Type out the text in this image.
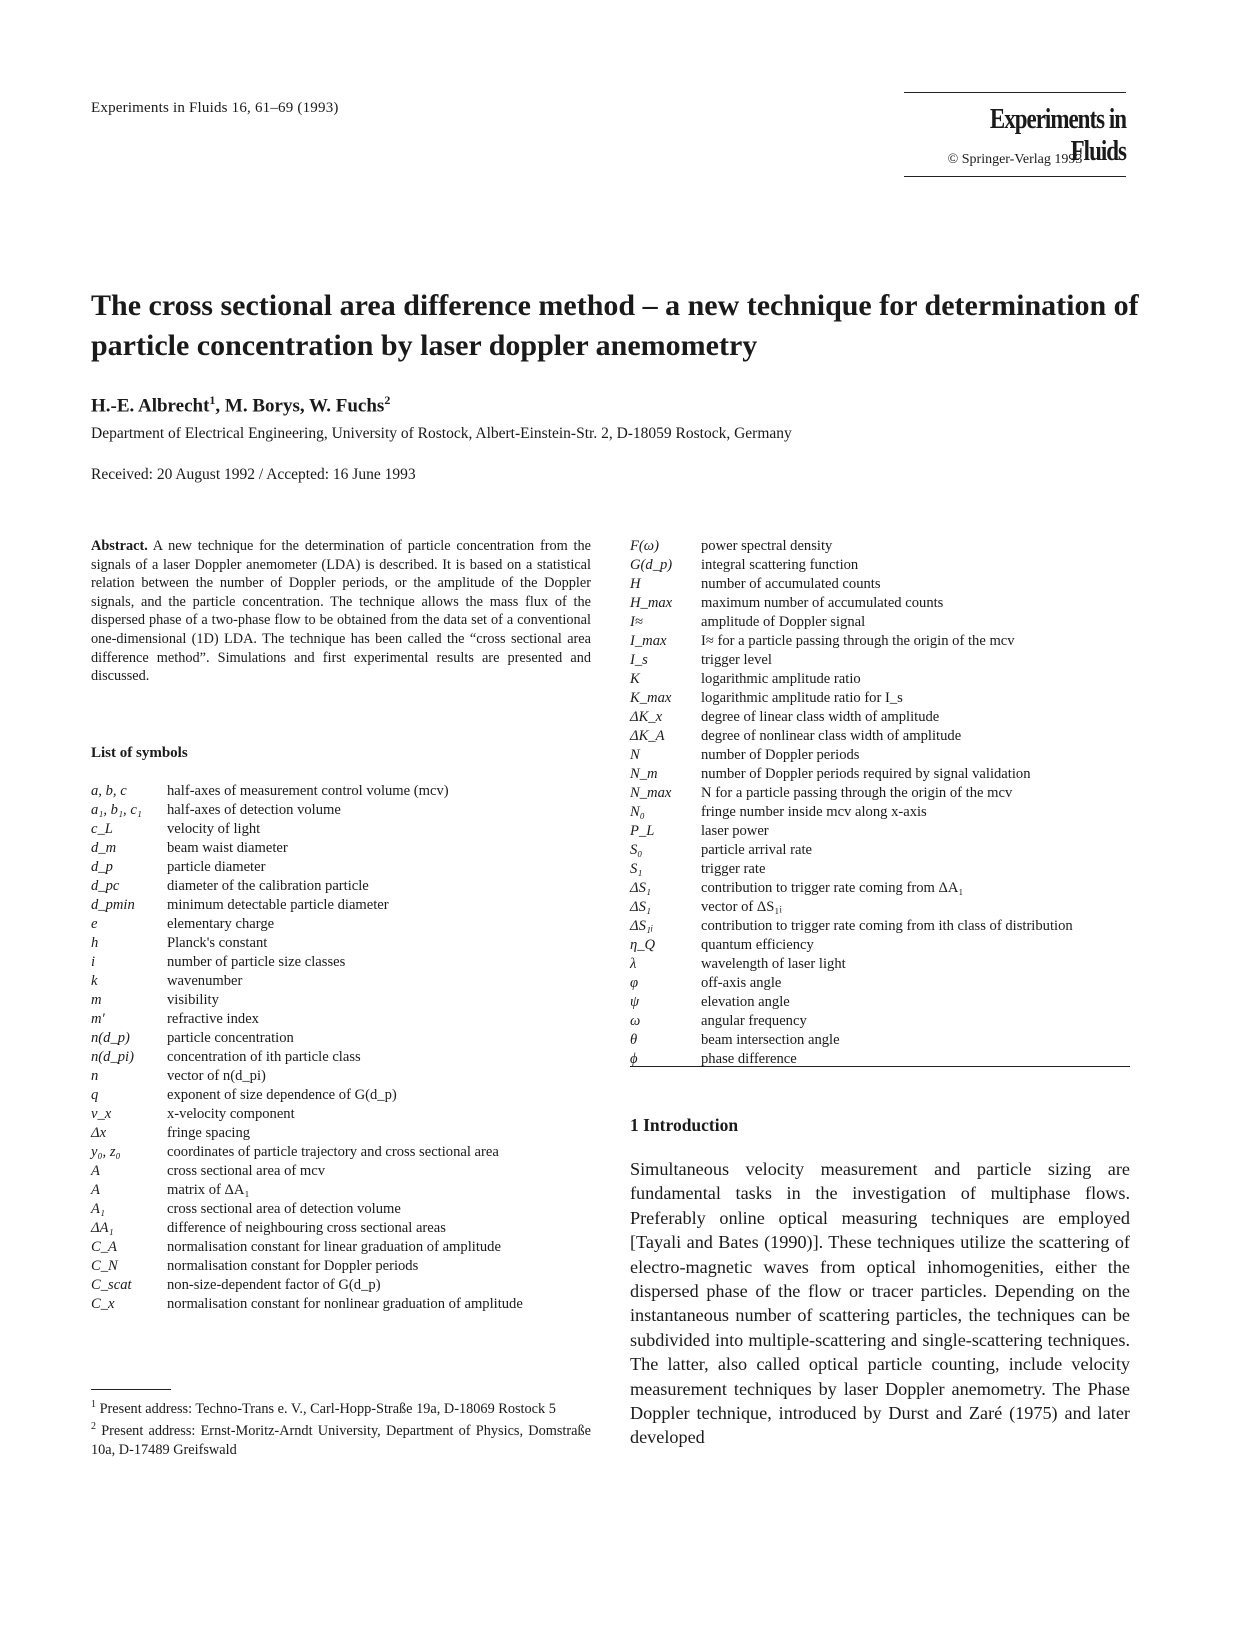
Experiments in Fluids 16, 61–69 (1993)	Experiments in Fluids
© Springer-Verlag 1993
The cross sectional area difference method – a new technique for determination of particle concentration by laser doppler anemometry
H.-E. Albrecht$^1$, M. Borys, W. Fuchs$^2$
Department of Electrical Engineering, University of Rostock, Albert-Einstein-Str. 2, D-18059 Rostock, Germany
Received: 20 August 1992 / Accepted: 16 June 1993

Abstract. A new technique for the determination of particle concentration from the signals of a laser Doppler anemometer (LDA) is described. It is based on a statistical relation between the number of Doppler periods, or the amplitude of the Doppler signals, and the particle concentration. The technique allows the mass flux of the dispersed phase of a two-phase flow to be obtained from the data set of a conventional one-dimensional (1D) LDA. The technique has been called the “cross sectional area difference method”. Simulations and first experimental results are presented and discussed.

List of symbols
a, b, c	half-axes of measurement control volume (mcv)
a₁, b₁, c₁ half-axes of detection volume
c_L	velocity of light
d_m	beam waist diameter
d_p	particle diameter
d_pc	diameter of the calibration particle
d_pmin minimum detectable particle diameter
e	elementary charge
h	Planck's constant
i	number of particle size classes
k	wavenumber
m	visibility
m′	refractive index
n(d_p)	particle concentration
n(d_pi) concentration of ith particle class
n	vector of n(d_pi)
q	exponent of size dependence of G(d_p)
v_x	x-velocity component
Δx	fringe spacing
y₀, z₀	coordinates of particle trajectory and cross sectional area
A	cross sectional area of mcv
A	matrix of ΔA₁
A₁	cross sectional area of detection volume
ΔA₁	difference of neighbouring cross sectional areas
C_A	normalisation constant for linear graduation of amplitude
C_N	normalisation constant for Doppler periods
C_scat non-size-dependent factor of G(d_p)
C_x	normalisation constant for nonlinear graduation of amplitude
F(ω)	power spectral density
G(d_p) integral scattering function
H	number of accumulated counts
H_max maximum number of accumulated counts
I≈	amplitude of Doppler signal
I_max I≈ for a particle passing through the origin of the mcv
I_s	trigger level
K	logarithmic amplitude ratio
K_max logarithmic amplitude ratio for I_s
ΔK_x	degree of linear class width of amplitude
ΔK_A degree of nonlinear class width of amplitude
N	number of Doppler periods
N_m	number of Doppler periods required by signal validation
N_max N for a particle passing through the origin of the mcv
N₀	fringe number inside mcv along x-axis
P_L	laser power
S₀	particle arrival rate
S₁	trigger rate
ΔS₁	contribution to trigger rate coming from ΔA₁
ΔS₁	vector of ΔS₁ᵢ
ΔS₁ᵢ	contribution to trigger rate coming from ith class of distribution
η_Q	quantum efficiency
λ	wavelength of laser light
φ	off-axis angle
ψ	elevation angle
ω	angular frequency
θ	beam intersection angle
ϕ	phase difference
1 Introduction

Simultaneous velocity measurement and particle sizing are fundamental tasks in the investigation of multiphase flows. Preferably online optical measuring techniques are employed [Tayali and Bates (1990)]. These techniques utilize the scattering of electro-magnetic waves from optical inhomogenities, either the dispersed phase of the flow or tracer particles. Depending on the instantaneous number of scattering particles, the techniques can be subdivided into multiple-scattering and single-scattering techniques. The latter, also called optical particle counting, include velocity measurement techniques by laser Doppler anemometry. The Phase Doppler technique, introduced by Durst and Zaré (1975) and later developed

$^1$ Present address: Techno-Trans e. V., Carl-Hopp-Straße 19a, D-18069 Rostock 5
$^2$ Present address: Ernst-Moritz-Arndt University, Department of Physics, Domstraße 10a, D-17489 Greifswald
